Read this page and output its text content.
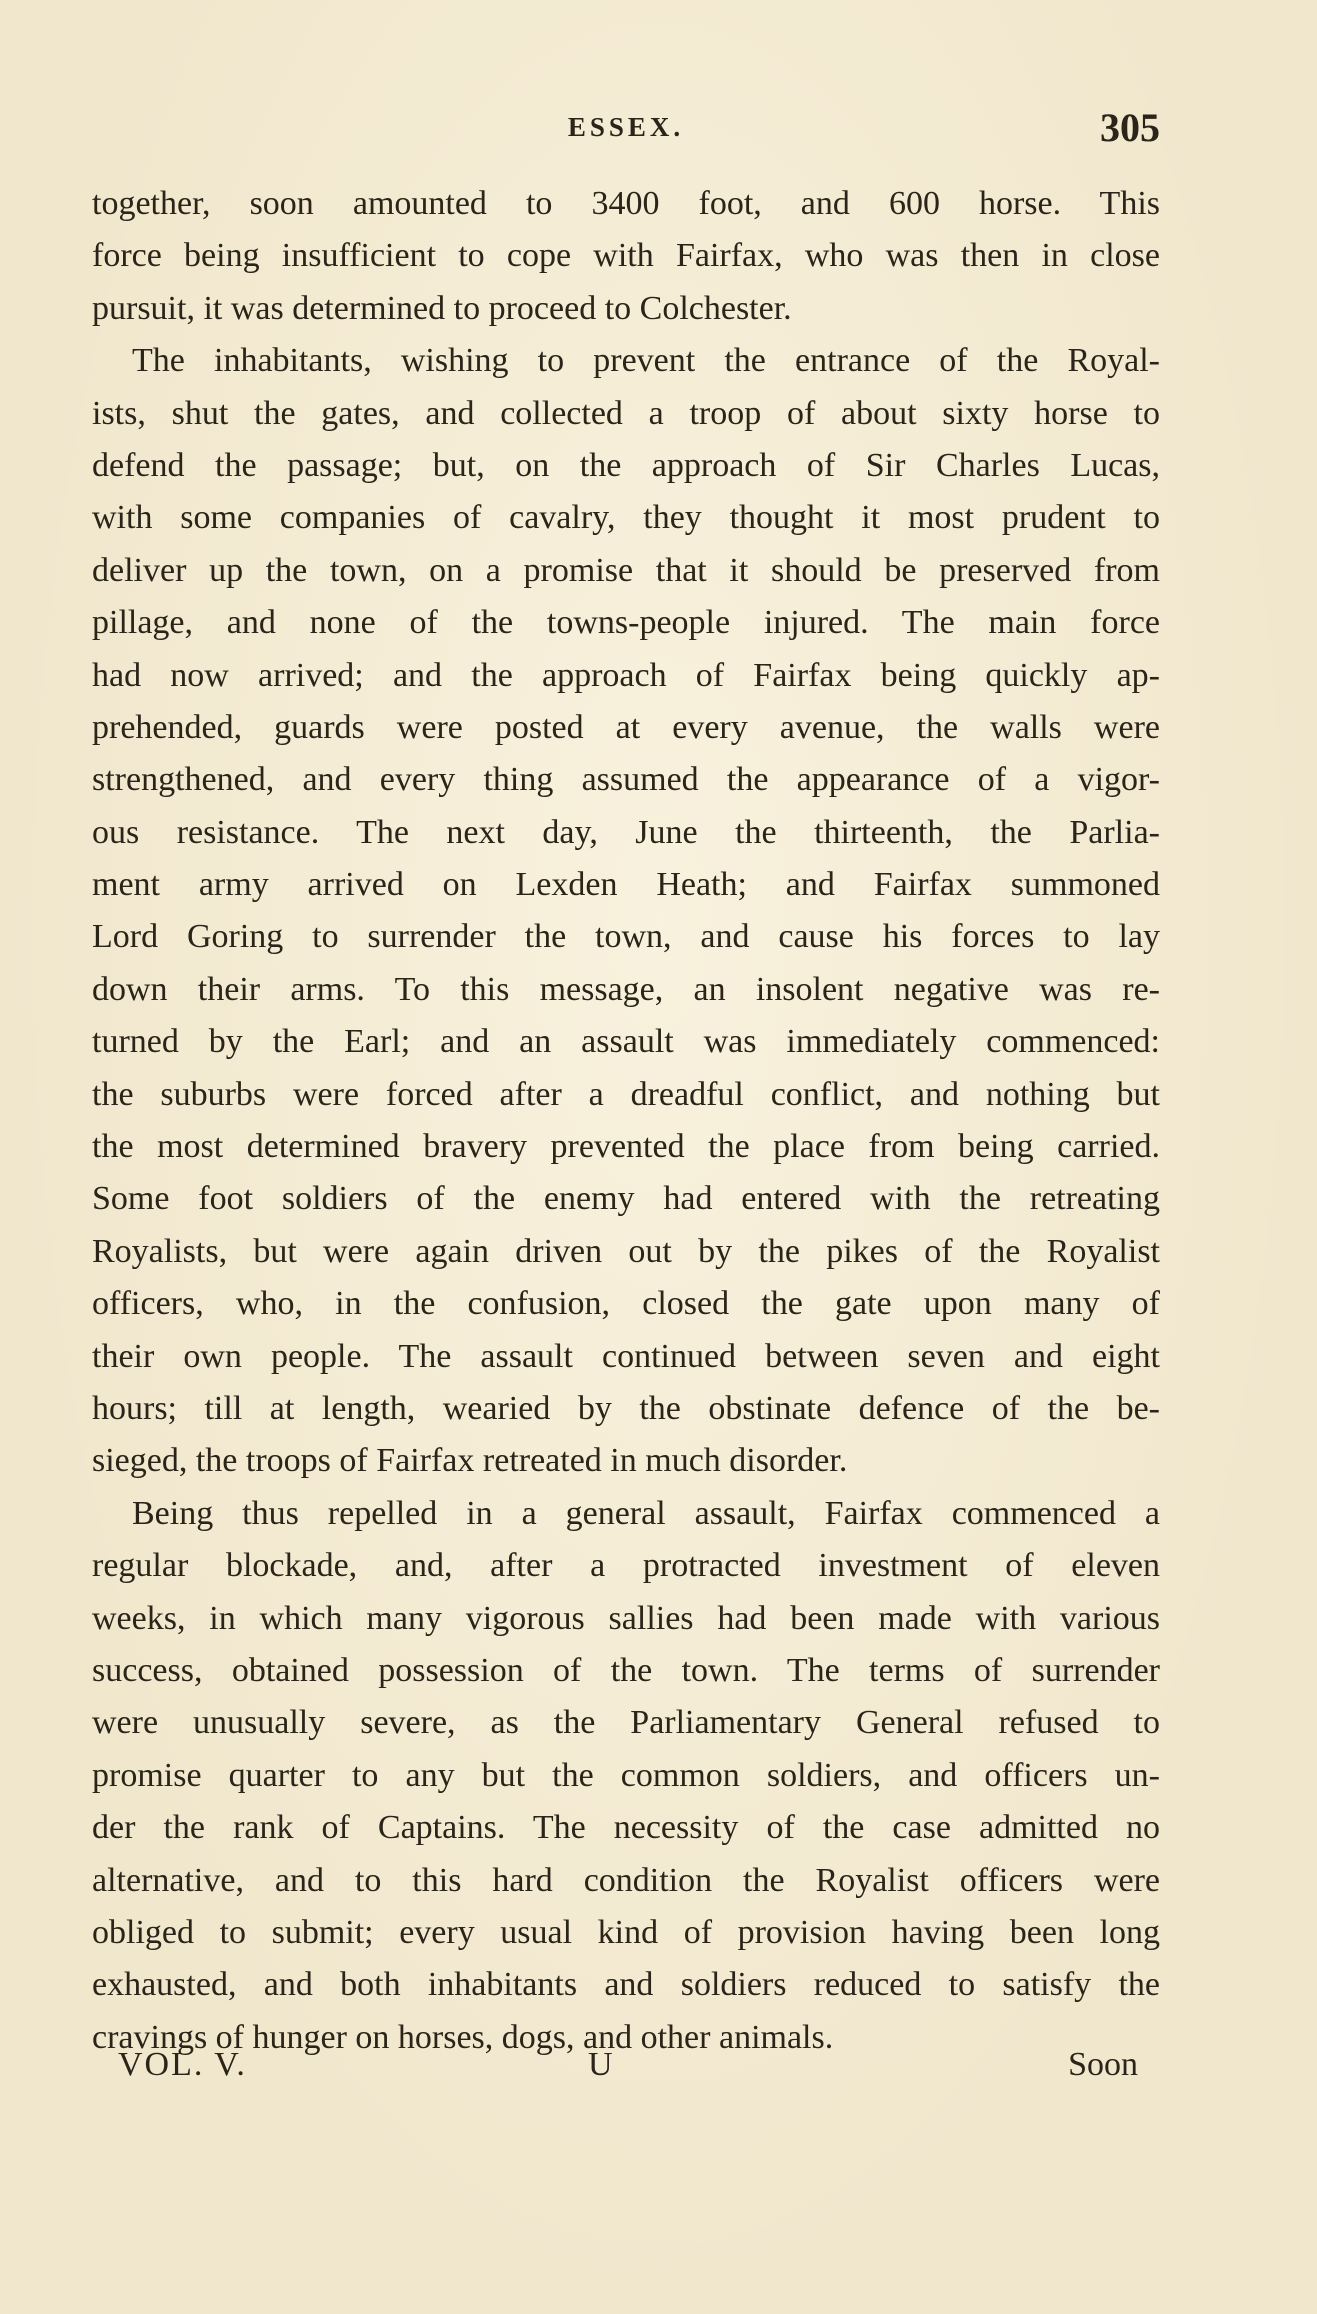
ESSEX.	305
together, soon amounted to 3400 foot, and 600 horse. This
force being insufficient to cope with Fairfax, who was then in close
pursuit, it was determined to proceed to Colchester.
The inhabitants, wishing to prevent the entrance of the Royal-
ists, shut the gates, and collected a troop of about sixty horse to
defend the passage; but, on the approach of Sir Charles Lucas,
with some companies of cavalry, they thought it most prudent to
deliver up the town, on a promise that it should be preserved from
pillage, and none of the towns-people injured. The main force
had now arrived; and the approach of Fairfax being quickly ap-
prehended, guards were posted at every avenue, the walls were
strengthened, and every thing assumed the appearance of a vigor-
ous resistance. The next day, June the thirteenth, the Parlia-
ment army arrived on Lexden Heath; and Fairfax summoned
Lord Goring to surrender the town, and cause his forces to lay
down their arms. To this message, an insolent negative was re-
turned by the Earl; and an assault was immediately commenced:
the suburbs were forced after a dreadful conflict, and nothing but
the most determined bravery prevented the place from being carried.
Some foot soldiers of the enemy had entered with the retreating
Royalists, but were again driven out by the pikes of the Royalist
officers, who, in the confusion, closed the gate upon many of
their own people. The assault continued between seven and eight
hours; till at length, wearied by the obstinate defence of the be-
sieged, the troops of Fairfax retreated in much disorder.
Being thus repelled in a general assault, Fairfax commenced a
regular blockade, and, after a protracted investment of eleven
weeks, in which many vigorous sallies had been made with various
success, obtained possession of the town. The terms of surrender
were unusually severe, as the Parliamentary General refused to
promise quarter to any but the common soldiers, and officers un-
der the rank of Captains. The necessity of the case admitted no
alternative, and to this hard condition the Royalist officers were
obliged to submit; every usual kind of provision having been long
exhausted, and both inhabitants and soldiers reduced to satisfy the
cravings of hunger on horses, dogs, and other animals.
VOL. V.	U	Soon
